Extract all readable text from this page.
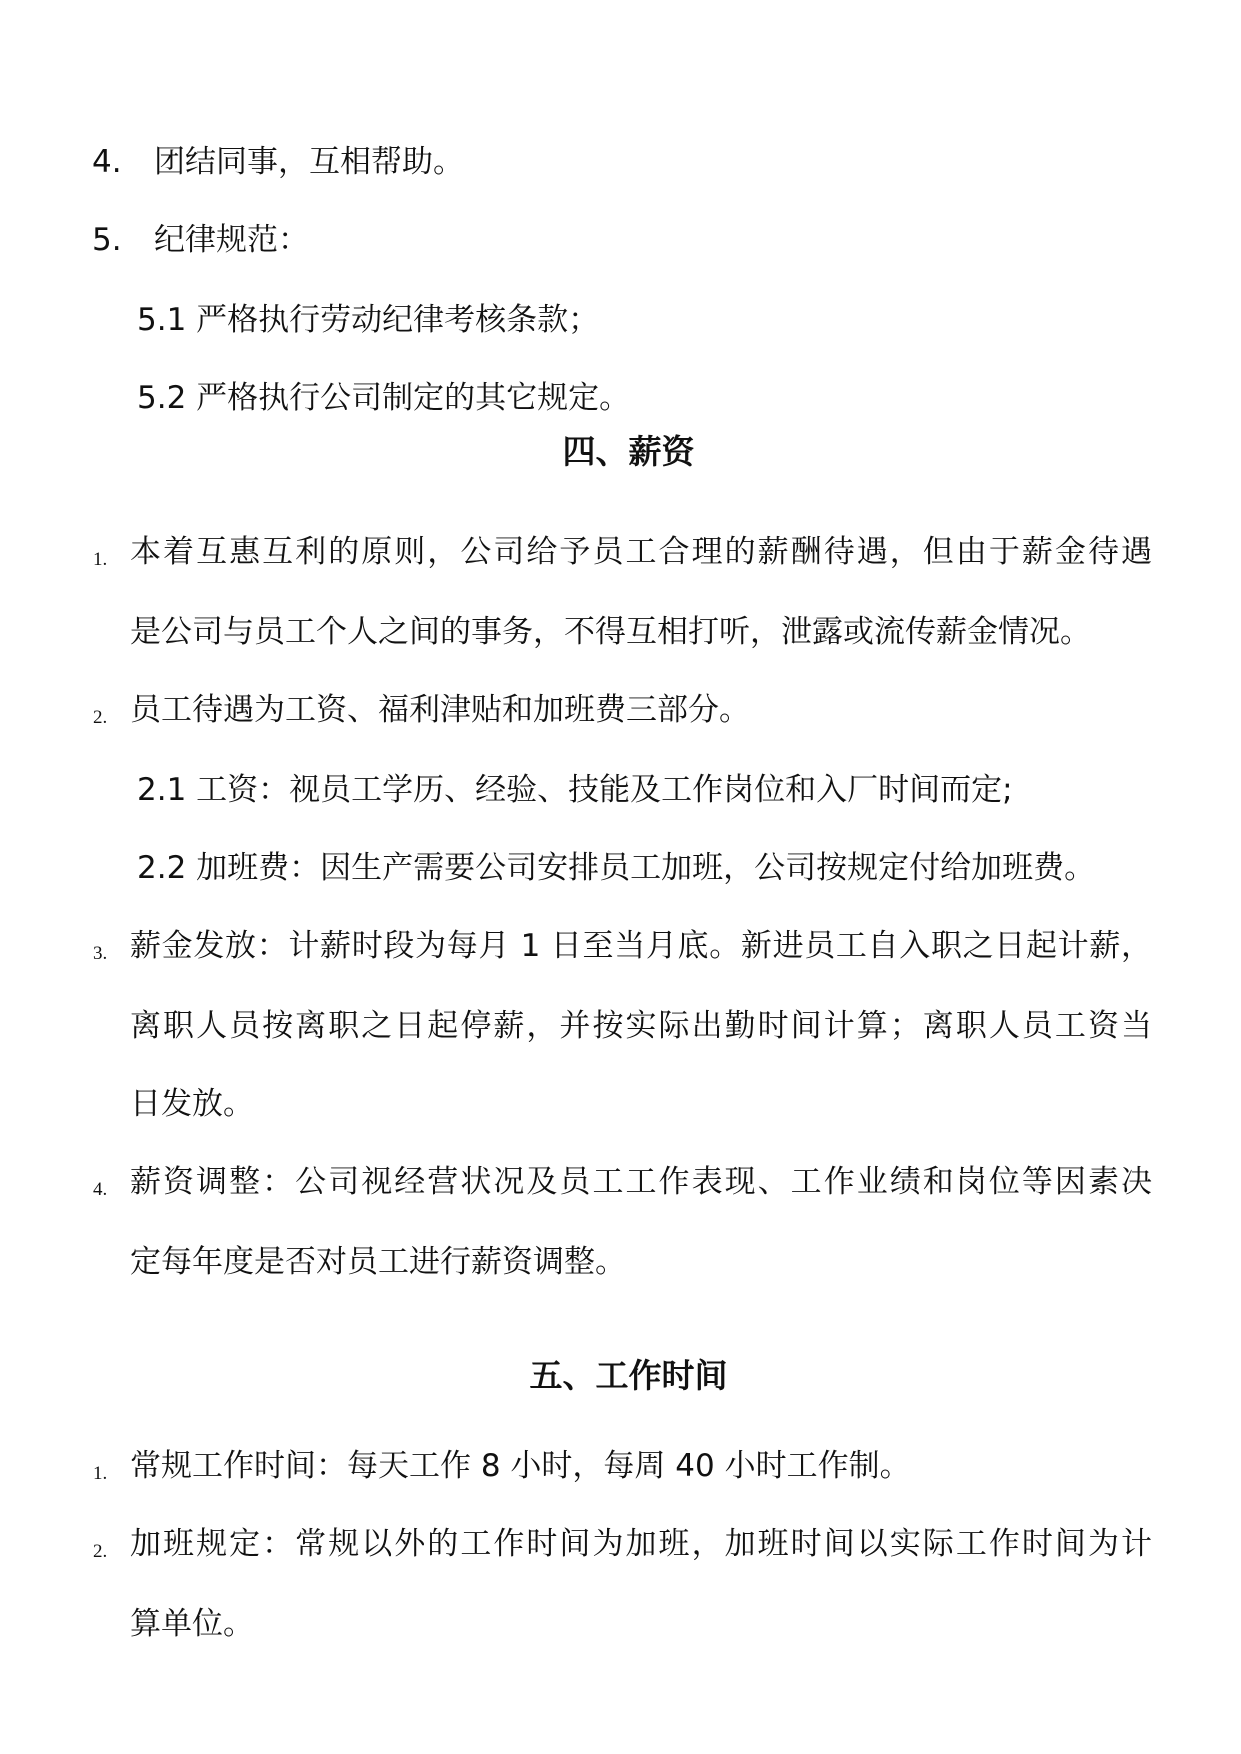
4. 团结同事，互相帮助。
5. 纪律规范：
5.1 严格执行劳动纪律考核条款；
5.2 严格执行公司制定的其它规定。
四、薪资
1. 本着互惠互利的原则，公司给予员工合理的薪酬待遇，但由于薪金待遇
是公司与员工个人之间的事务，不得互相打听，泄露或流传薪金情况。
2. 员工待遇为工资、福利津贴和加班费三部分。
2.1 工资：视员工学历、经验、技能及工作岗位和入厂时间而定;
2.2 加班费：因生产需要公司安排员工加班，公司按规定付给加班费。
3. 薪金发放：计薪时段为每月 1 日至当月底。新进员工自入职之日起计薪，
离职人员按离职之日起停薪，并按实际出勤时间计算；离职人员工资当
日发放。
4. 薪资调整：公司视经营状况及员工工作表现、工作业绩和岗位等因素决
定每年度是否对员工进行薪资调整。
五、工作时间
1. 常规工作时间：每天工作 8 小时，每周 40 小时工作制。
2. 加班规定：常规以外的工作时间为加班，加班时间以实际工作时间为计
算单位。
